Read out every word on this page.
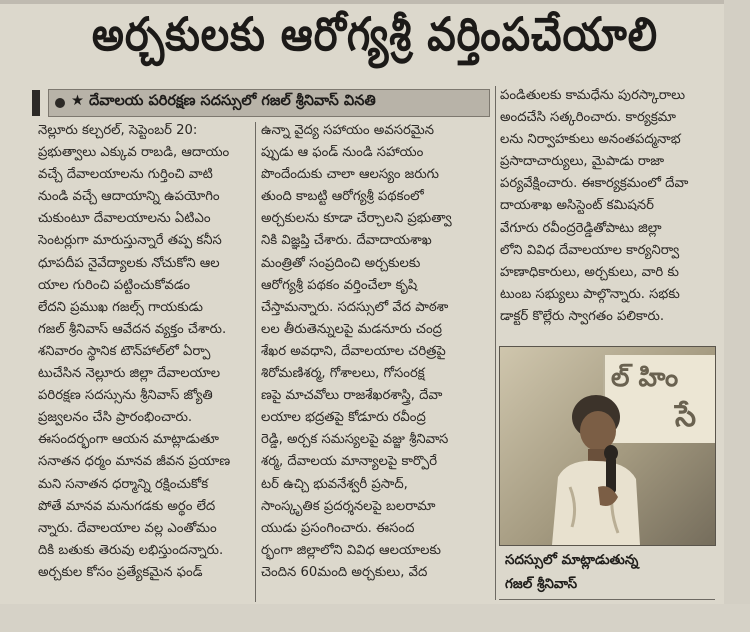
అర్చకులకు ఆరోగ్యశ్రీ వర్తింపచేయాలి
★ దేవాలయ పరిరక్షణ సదస్సులో గజల్ శ్రీనివాస్ వినతి
నెల్లూరు కల్చరల్, సెప్టెంబర్ 20:
ప్రభుత్వాలు ఎక్కువ రాబడి, ఆదాయం
వచ్చే దేవాలయాలను గుర్తించి వాటి
నుండి వచ్చే ఆదాయాన్ని ఉపయోగిం
చుకుంటూ దేవాలయాలను ఏటిఎం
సెంటర్లుగా మారుస్తున్నారే తప్ప కనీస
ధూపదీప నైవేద్యాలకు నోచుకోని ఆల
యాల గురించి పట్టించుకోవడం
లేదని ప్రముఖ గజల్స్ గాయకుడు
గజల్ శ్రీనివాస్ ఆవేదన వ్యక్తం చేశారు.
శనివారం స్థానిక టౌన్‌హాల్‌లో ఏర్పా
టుచేసిన నెల్లూరు జిల్లా దేవాలయాల
పరిరక్షణ సదస్సును శ్రీనివాస్ జ్యోతి
ప్రజ్వలనం చేసి ప్రారంభించారు.
ఈసందర్భంగా ఆయన మాట్లాడుతూ
సనాతన ధర్మం మానవ జీవన ప్రయాణ
మని సనాతన ధర్మాన్ని రక్షించుకోక
పోతే మానవ మనుగడకు అర్థం లేద
న్నారు. దేవాలయాల వల్ల ఎంతోమం
దికి బతుకు తెరువు లభిస్తుందన్నారు.
అర్చకుల కోసం ప్రత్యేకమైన ఫండ్
ఉన్నా వైద్య సహాయం అవసరమైన
ప్పుడు ఆ ఫండ్ నుండి సహాయం
పొందేందుకు చాలా ఆలస్యం జరుగు
తుంది కాబట్టి ఆరోగ్యశ్రీ పథకంలో
అర్చకులను కూడా చేర్చాలని ప్రభుత్వా
నికి విజ్ఞప్తి చేశారు. దేవాదాయశాఖ
మంత్రితో సంప్రదించి అర్చకులకు
ఆరోగ్యశ్రీ పథకం వర్తించేలా కృషి
చేస్తామన్నారు. సదస్సులో వేద పాఠశా
లల తీరుతెన్నులపై మడనూరు చంద్ర
శేఖర అవధాని, దేవాలయాల చరిత్రపై
శిరోమణిశర్మ, గోశాలలు, గోసంరక్ష
ణపై మాచవోలు రాజశేఖరశాస్త్రి, దేవా
లయాల భద్రతపై కోడూరు రవీంద్ర
రెడ్డి, అర్చక సమస్యలపై వజ్జు శ్రీనివాస
శర్మ, దేవాలయ మాన్యాలపై కార్పొరే
టర్ ఉచ్చి భువనేశ్వరీ ప్రసాద్,
సాంస్కృతిక ప్రదర్శనలపై బలరామా
యుడు ప్రసంగించారు. ఈసంద
ర్భంగా జిల్లాలోని వివిధ ఆలయాలకు
చెందిన 60మంది అర్చకులు, వేద
పండితులకు కామధేను పురస్కారాలు
అందచేసి సత్కరించారు. కార్యక్రమా
లను నిర్వాహకులు అనంతపద్మనాభ
ప్రసాదాచార్యులు, మైపాడు రాజా
పర్యవేక్షించారు. ఈకార్యక్రమంలో దేవా
దాయశాఖ అసిస్టెంట్ కమిషనర్
వేగూరు రవీంద్రరెడ్డితోపాటు జిల్లా
లోని వివిధ దేవాలయాల కార్యనిర్వా
హణాధికారులు, అర్చకులు, వారి కు
టుంబ సభ్యులు పాల్గొన్నారు. సభకు
డాక్టర్ కొల్లేరు స్వాగతం పలికారు.
ల్ హిం
సే
సదస్సులో మాట్లాడుతున్న
గజల్ శ్రీనివాస్
